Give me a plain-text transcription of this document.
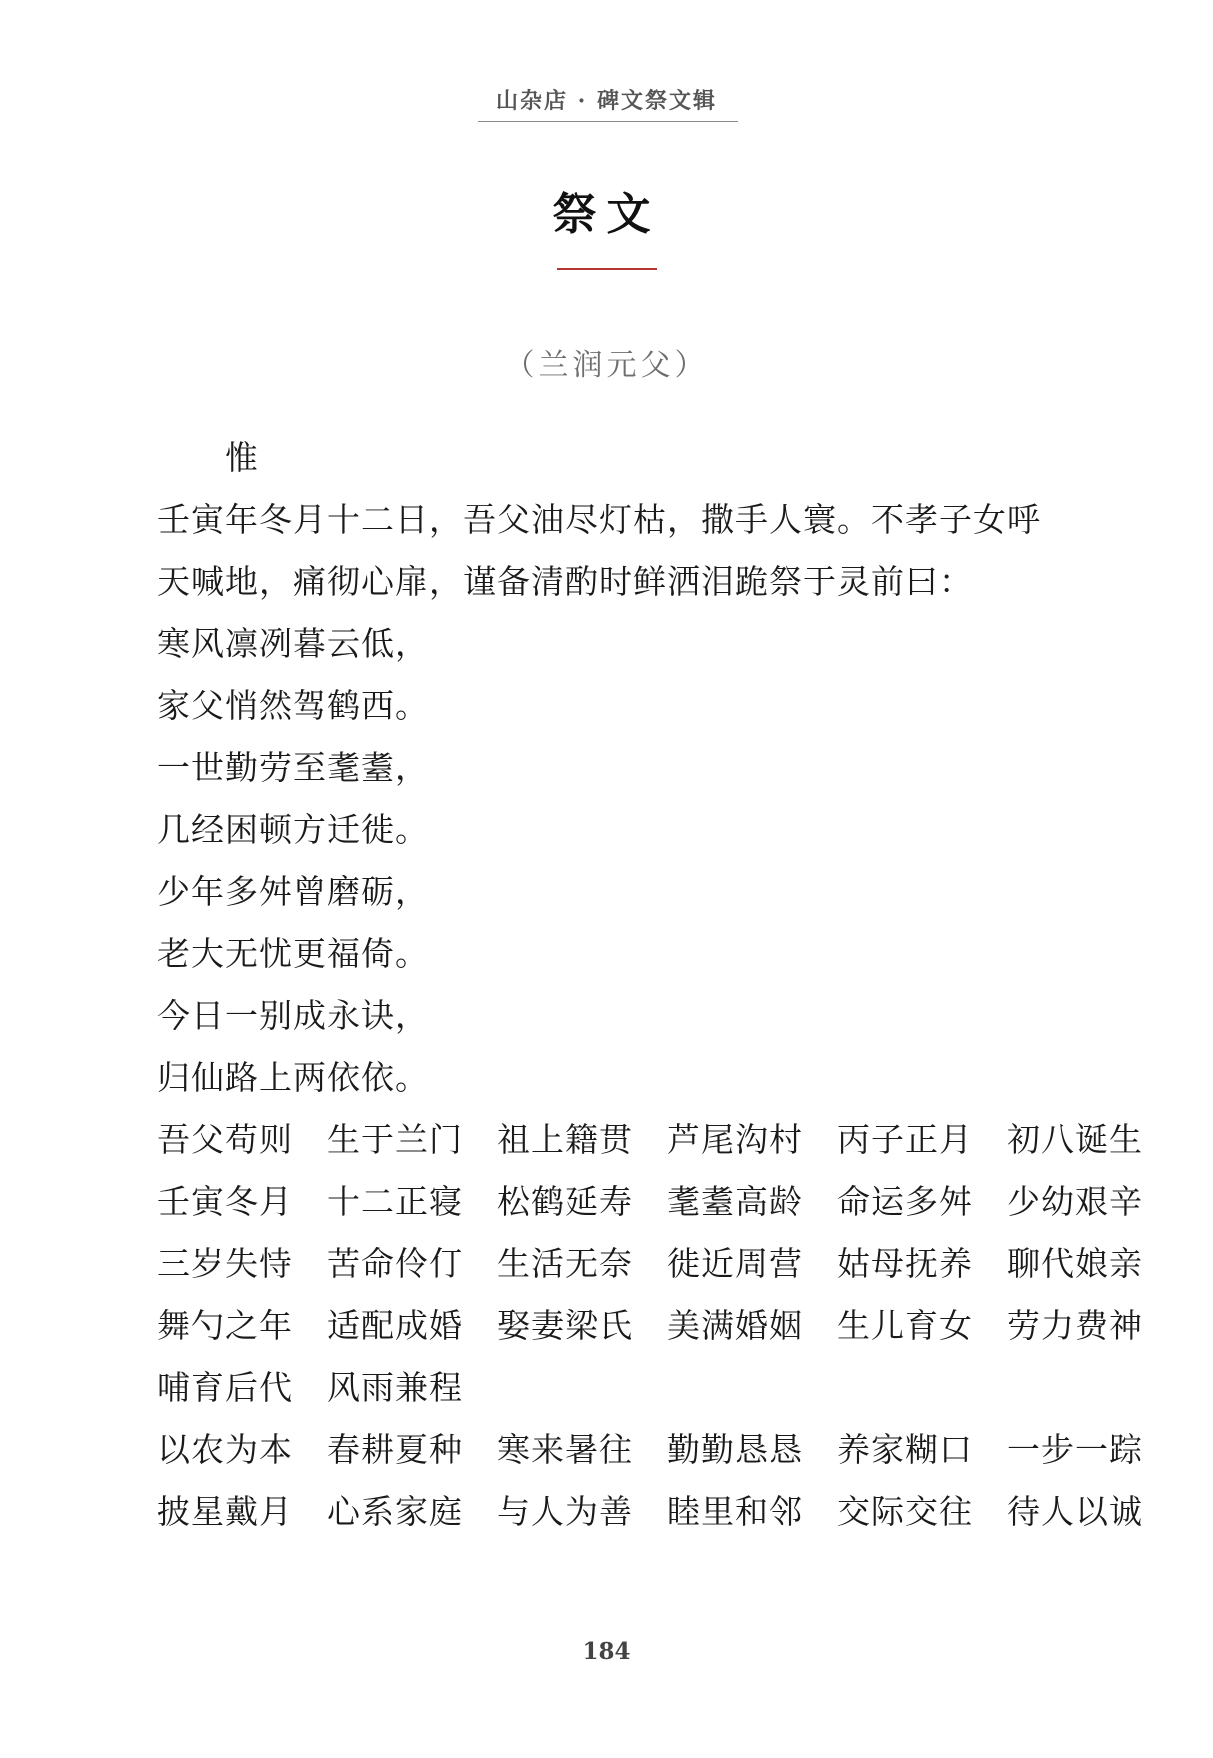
山杂店 · 碑文祭文辑
祭文
（兰润元父）
惟
壬寅年冬月十二日，吾父油尽灯枯，撒手人寰。不孝子女呼
天喊地，痛彻心扉，谨备清酌时鲜洒泪跪祭于灵前曰：
寒风凛冽暮云低，
家父悄然驾鹤西。
一世勤劳至耄耋，
几经困顿方迁徙。
少年多舛曾磨砺，
老大无忧更福倚。
今日一别成永诀，
归仙路上两依依。
吾父苟则　生于兰门　祖上籍贯　芦尾沟村　丙子正月　初八诞生
壬寅冬月　十二正寝　松鹤延寿　耄耋高龄　命运多舛　少幼艰辛
三岁失恃　苦命伶仃　生活无奈　徙近周营　姑母抚养　聊代娘亲
舞勺之年　适配成婚　娶妻梁氏　美满婚姻　生儿育女　劳力费神
哺育后代　风雨兼程
以农为本　春耕夏种　寒来暑往　勤勤恳恳　养家糊口　一步一踪
披星戴月　心系家庭　与人为善　睦里和邻　交际交往　待人以诚
184
